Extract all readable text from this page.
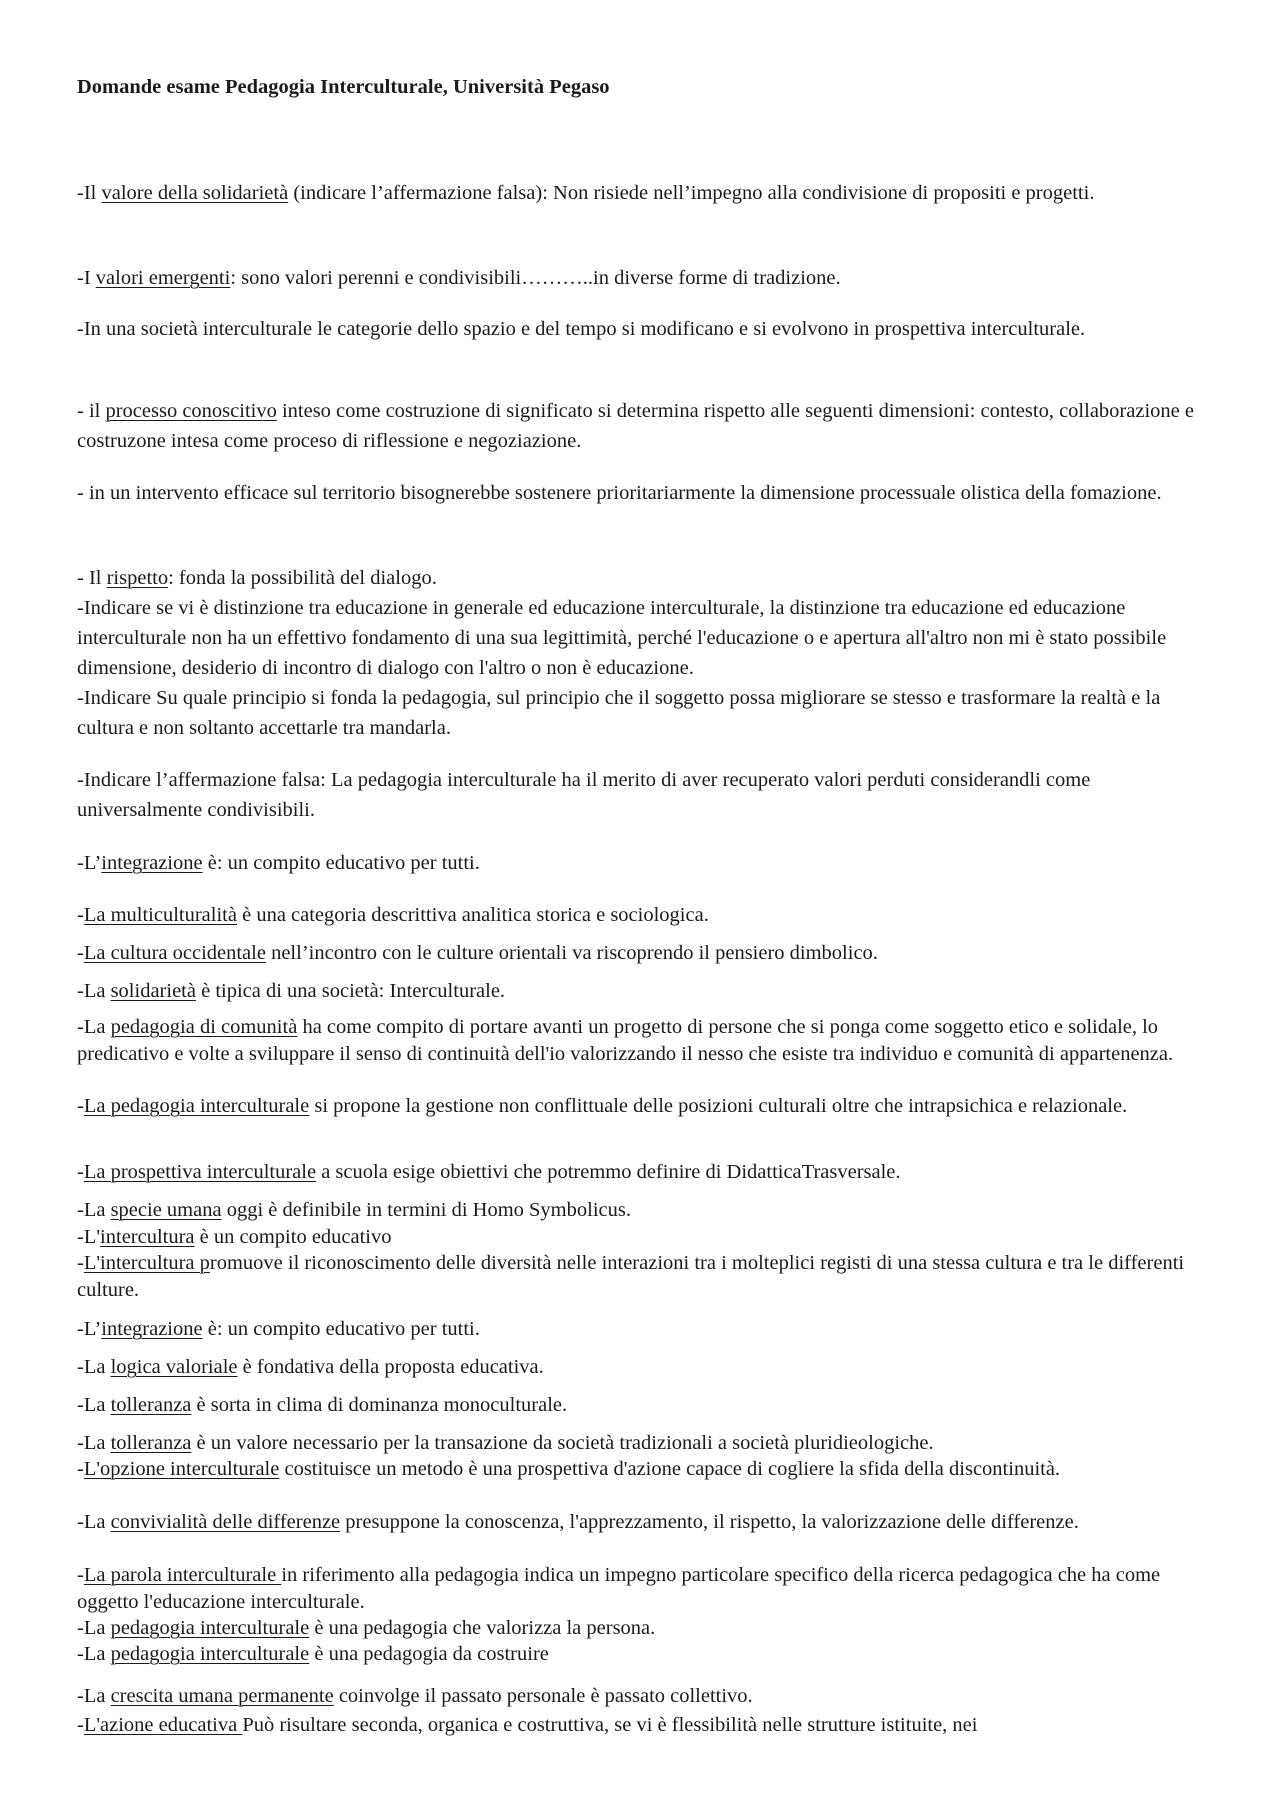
Domande esame Pedagogia Interculturale, Università Pegaso
-Il valore della solidarietà (indicare l’affermazione falsa): Non risiede nell’impegno alla condivisione di propositi e progetti.
-I valori emergenti: sono valori perenni e condivisibili………..in diverse forme di tradizione.
-In una società interculturale le categorie dello spazio e del tempo si modificano e si evolvono in prospettiva interculturale.
- il processo conoscitivo inteso come costruzione di significato si determina rispetto alle seguenti dimensioni: contesto, collaborazione e costruzone intesa come proceso di riflessione e negoziazione.
- in un intervento efficace sul territorio bisognerebbe sostenere prioritariarmente la dimensione processuale olistica della fomazione.
- Il rispetto: fonda la possibilità del dialogo.
-Indicare se vi è distinzione tra educazione in generale ed educazione interculturale, la distinzione tra educazione ed educazione interculturale non ha un effettivo fondamento di una sua legittimità, perché l'educazione o e apertura all'altro non mi è stato possibile dimensione, desiderio di incontro di dialogo con l'altro o non è educazione.
-Indicare Su quale principio si fonda la pedagogia, sul principio che il soggetto possa migliorare se stesso e trasformare la realtà e la cultura e non soltanto accettarle tra mandarla.
-Indicare l’affermazione falsa: La pedagogia interculturale ha il merito di aver recuperato valori perduti considerandli come universalmente condivisibili.
-L’integrazione è: un compito educativo per tutti.
-La multiculturalità è una categoria descrittiva analitica storica e sociologica.
-La cultura occidentale nell’incontro con le culture orientali va riscoprendo il pensiero dimbolico.
-La solidarietà è tipica di una società: Interculturale.
-La pedagogia di comunità ha come compito di portare avanti un progetto di persone che si ponga come soggetto etico e solidale, lo predicativo e volte a sviluppare il senso di continuità dell'io valorizzando il nesso che esiste tra individuo e comunità di appartenenza.
-La pedagogia interculturale si propone la gestione non conflittuale delle posizioni culturali oltre che intrapsichica e relazionale.
-La prospettiva interculturale a scuola esige obiettivi che potremmo definire di DidatticaTrasversale.
-La specie umana oggi è definibile in termini di Homo Symbolicus.
-L'intercultura è un compito educativo
-L'intercultura promuove il riconoscimento delle diversità nelle interazioni tra i molteplici registi di una stessa cultura e tra le differenti culture.
-L’integrazione è: un compito educativo per tutti.
-La logica valoriale è fondativa della proposta educativa.
-La tolleranza è sorta in clima di dominanza monoculturale.
-La tolleranza è un valore necessario per la transazione da società tradizionali a società pluridieologiche.
-L'opzione interculturale costituisce un metodo è una prospettiva d'azione capace di cogliere la sfida della discontinuità.
-La convivialità delle differenze presuppone la conoscenza, l'apprezzamento, il rispetto, la valorizzazione delle differenze.
-La parola interculturale in riferimento alla pedagogia indica un impegno particolare specifico della ricerca pedagogica che ha come oggetto l'educazione interculturale.
-La pedagogia interculturale è una pedagogia che valorizza la persona.
-La pedagogia interculturale è una pedagogia da costruire
-La crescita umana permanente coinvolge il passato personale è passato collettivo.
-L'azione educativa Può risultare seconda, organica e costruttiva, se vi è flessibilità nelle strutture istituite, nei
